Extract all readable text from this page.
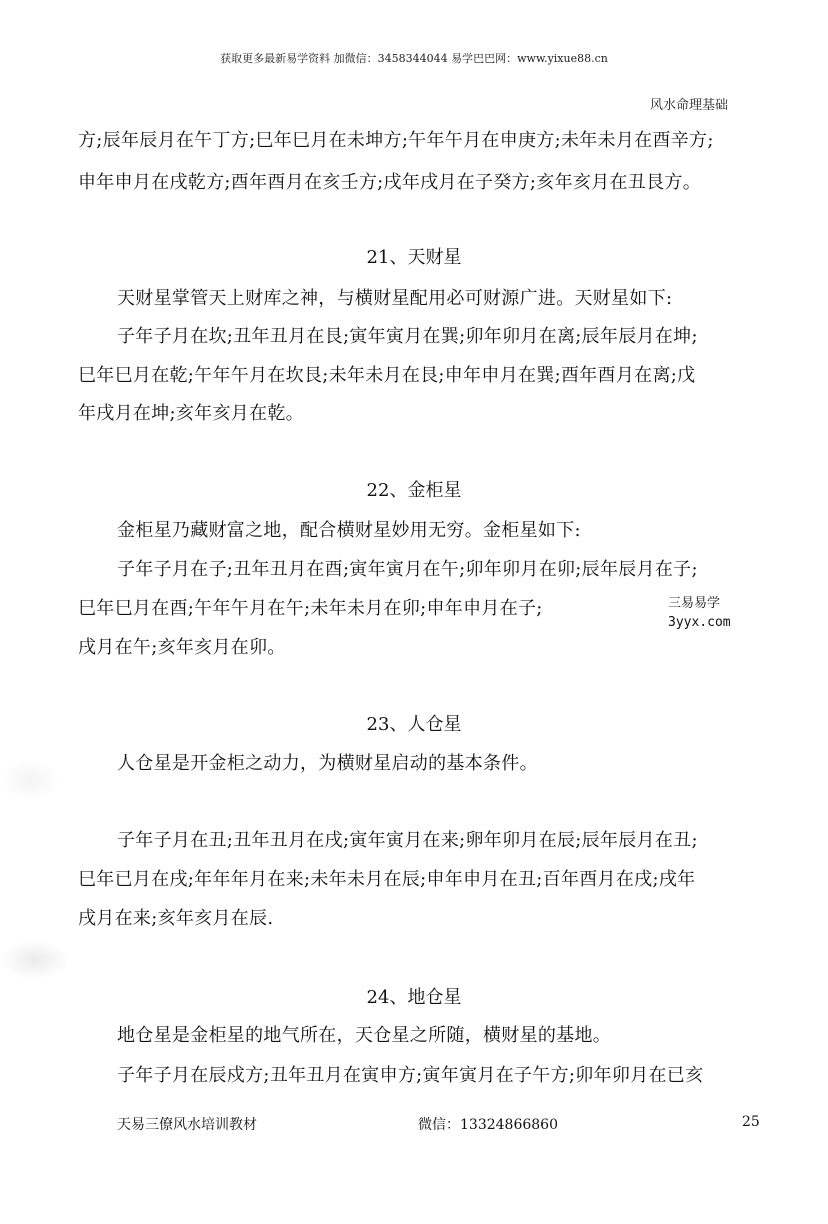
获取更多最新易学资料 加微信：3458344044 易学巴巴网：www.yixue88.cn
风水命理基础
方;辰年辰月在午丁方;巳年巳月在未坤方;午年午月在申庚方;未年未月在酉辛方;
申年申月在戌乾方;酉年酉月在亥壬方;戌年戌月在子癸方;亥年亥月在丑艮方。
21、天财星
天财星掌管天上财库之神，与横财星配用必可财源广进。天财星如下:
子年子月在坎;丑年丑月在艮;寅年寅月在巽;卯年卯月在离;辰年辰月在坤;
巳年巳月在乾;午年午月在坎艮;未年未月在艮;申年申月在巽;酉年酉月在离;戊
年戌月在坤;亥年亥月在乾。
22、金柜星
金柜星乃藏财富之地，配合横财星妙用无穷。金柜星如下:
子年子月在子;丑年丑月在酉;寅年寅月在午;卯年卯月在卯;辰年辰月在子;
巳年巳月在酉;午年午月在午;未年未月在卯;申年申月在子;
戌月在午;亥年亥月在卯。
三易易学
3yyx.com
23、人仓星
人仓星是开金柜之动力，为横财星启动的基本条件。
子年子月在丑;丑年丑月在戌;寅年寅月在来;卵年卯月在辰;辰年辰月在丑;
巳年已月在戌;年年年月在来;未年未月在辰;申年申月在丑;百年酉月在戌;戌年
戌月在来;亥年亥月在辰.
24、地仓星
地仓星是金柜星的地气所在，天仓星之所随，横财星的基地。
子年子月在辰戍方;丑年丑月在寅申方;寅年寅月在子午方;卯年卯月在已亥
天易三僚风水培训教材	微信：13324866860	25
